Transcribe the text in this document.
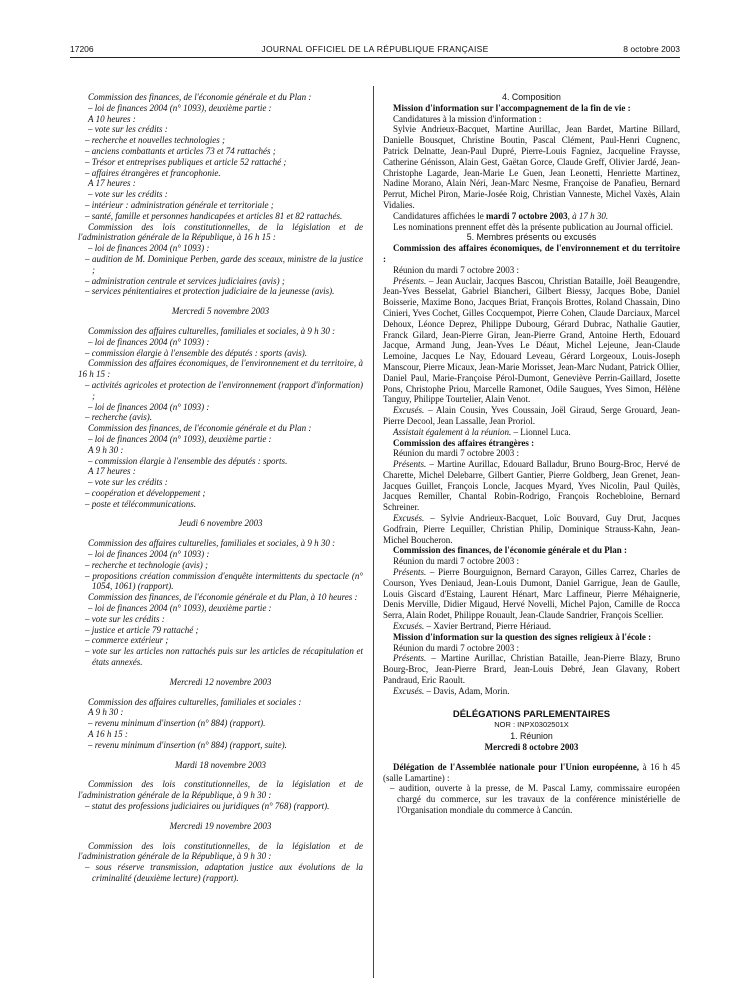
17206	JOURNAL OFFICIEL DE LA RÉPUBLIQUE FRANÇAISE	8 octobre 2003

Commission des finances, de l'économie générale et du Plan :

– loi de finances 2004 (n° 1093), deuxième partie :

A 10 heures :

– vote sur les crédits :

– recherche et nouvelles technologies ;

– anciens combattants et articles 73 et 74 rattachés ;

– Trésor et entreprises publiques et article 52 rattaché ;

– affaires étrangères et francophonie.

A 17 heures :

– vote sur les crédits :

– intérieur : administration générale et territoriale ;

– santé, famille et personnes handicapées et articles 81 et 82 rattachés.

Commission des lois constitutionnelles, de la législation et de l'administration générale de la République, à 16 h 15 :

– loi de finances 2004 (n° 1093) :

– audition de M. Dominique Perben, garde des sceaux, ministre de la justice ;

– administration centrale et services judiciaires (avis) ;

– services pénitentiaires et protection judiciaire de la jeunesse (avis).

Mercredi 5 novembre 2003

Commission des affaires culturelles, familiales et sociales, à 9 h 30 :

– loi de finances 2004 (n° 1093) :

– commission élargie à l'ensemble des députés : sports (avis).

Commission des affaires économiques, de l'environnement et du territoire, à 16 h 15 :

– activités agricoles et protection de l'environnement (rapport d'information) ;

– loi de finances 2004 (n° 1093) :

– recherche (avis).

Commission des finances, de l'économie générale et du Plan :

– loi de finances 2004 (n° 1093), deuxième partie :

A 9 h 30 :

– commission élargie à l'ensemble des députés : sports.

A 17 heures :

– vote sur les crédits :

– coopération et développement ;

– poste et télécommunications.

Jeudi 6 novembre 2003

Commission des affaires culturelles, familiales et sociales, à 9 h 30 :

– loi de finances 2004 (n° 1093) :

– recherche et technologie (avis) ;

– propositions création commission d'enquête intermittents du spectacle (n° 1054, 1061) (rapport).

Commission des finances, de l'économie générale et du Plan, à 10 heures :

– loi de finances 2004 (n° 1093), deuxième partie :

– vote sur les crédits :

– justice et article 79 rattaché ;

– commerce extérieur ;

– vote sur les articles non rattachés puis sur les articles de récapitulation et états annexés.

Mercredi 12 novembre 2003

Commission des affaires culturelles, familiales et sociales :

A 9 h 30 :

– revenu minimum d'insertion (n° 884) (rapport).

A 16 h 15 :

– revenu minimum d'insertion (n° 884) (rapport, suite).

Mardi 18 novembre 2003

Commission des lois constitutionnelles, de la législation et de l'administration générale de la République, à 9 h 30 :

– statut des professions judiciaires ou juridiques (n° 768) (rapport).

Mercredi 19 novembre 2003

Commission des lois constitutionnelles, de la législation et de l'administration générale de la République, à 9 h 30 :

– sous réserve transmission, adaptation justice aux évolutions de la criminalité (deuxième lecture) (rapport).

4. Composition

Mission d'information sur l'accompagnement de la fin de vie :

Candidatures à la mission d'information :

Sylvie Andrieux-Bacquet, Martine Aurillac, Jean Bardet, Martine Billard, Danielle Bousquet, Christine Boutin, Pascal Clément, Paul-Henri Cugnenc, Patrick Delnatte, Jean-Paul Dupré, Pierre-Louis Fagniez, Jacqueline Fraysse, Catherine Génisson, Alain Gest, Gaëtan Gorce, Claude Greff, Olivier Jardé, Jean-Christophe Lagarde, Jean-Marie Le Guen, Jean Leonetti, Henriette Martinez, Nadine Morano, Alain Néri, Jean-Marc Nesme, Françoise de Panafieu, Bernard Perrut, Michel Piron, Marie-Josée Roig, Christian Vanneste, Michel Vaxès, Alain Vidalies.

Candidatures affichées le mardi 7 octobre 2003, à 17 h 30.

Les nominations prennent effet dès la présente publication au Journal officiel.

5. Membres présents ou excusés

Commission des affaires économiques, de l'environnement et du territoire :

Réunion du mardi 7 octobre 2003 :

Présents. – Jean Auclair, Jacques Bascou, Christian Bataille, Joël Beaugendre, Jean-Yves Besselat, Gabriel Biancheri, Gilbert Biessy, Jacques Bobe, Daniel Boisserie, Maxime Bono, Jacques Briat, François Brottes, Roland Chassain, Dino Cinieri, Yves Cochet, Gilles Cocquempot, Pierre Cohen, Claude Darciaux, Marcel Dehoux, Léonce Deprez, Philippe Dubourg, Gérard Dubrac, Nathalie Gautier, Franck Gilard, Jean-Pierre Giran, Jean-Pierre Grand, Antoine Herth, Edouard Jacque, Armand Jung, Jean-Yves Le Déaut, Michel Lejeune, Jean-Claude Lemoine, Jacques Le Nay, Edouard Leveau, Gérard Lorgeoux, Louis-Joseph Manscour, Pierre Micaux, Jean-Marie Morisset, Jean-Marc Nudant, Patrick Ollier, Daniel Paul, Marie-Françoise Pérol-Dumont, Geneviève Perrin-Gaillard, Josette Pons, Christophe Priou, Marcelle Ramonet, Odile Saugues, Yves Simon, Hélène Tanguy, Philippe Tourtelier, Alain Venot.

Excusés. – Alain Cousin, Yves Coussain, Joël Giraud, Serge Grouard, Jean-Pierre Decool, Jean Lassalle, Jean Proriol.

Assistait également à la réunion. – Lionnel Luca.

Commission des affaires étrangères :

Réunion du mardi 7 octobre 2003 :

Présents. – Martine Aurillac, Edouard Balladur, Bruno Bourg-Broc, Hervé de Charette, Michel Delebarre, Gilbert Gantier, Pierre Goldberg, Jean Grenet, Jean-Jacques Guillet, François Loncle, Jacques Myard, Yves Nicolin, Paul Quilès, Jacques Remiller, Chantal Robin-Rodrigo, François Rochebloine, Bernard Schreiner.

Excusés. – Sylvie Andrieux-Bacquet, Loïc Bouvard, Guy Drut, Jacques Godfrain, Pierre Lequiller, Christian Philip, Dominique Strauss-Kahn, Jean-Michel Boucheron.

Commission des finances, de l'économie générale et du Plan :

Réunion du mardi 7 octobre 2003 :

Présents. – Pierre Bourguignon, Bernard Carayon, Gilles Carrez, Charles de Courson, Yves Deniaud, Jean-Louis Dumont, Daniel Garrigue, Jean de Gaulle, Louis Giscard d'Estaing, Laurent Hénart, Marc Laffineur, Pierre Méhaignerie, Denis Merville, Didier Migaud, Hervé Novelli, Michel Pajon, Camille de Rocca Serra, Alain Rodet, Philippe Rouault, Jean-Claude Sandrier, François Scellier.

Excusés. – Xavier Bertrand, Pierre Hériaud.

Mission d'information sur la question des signes religieux à l'école :

Réunion du mardi 7 octobre 2003 :

Présents. – Martine Aurillac, Christian Bataille, Jean-Pierre Blazy, Bruno Bourg-Broc, Jean-Pierre Brard, Jean-Louis Debré, Jean Glavany, Robert Pandraud, Eric Raoult.

Excusés. – Davis, Adam, Morin.

DÉLÉGATIONS PARLEMENTAIRES

NOR : INPX0302501X

1. Réunion

Mercredi 8 octobre 2003

Délégation de l'Assemblée nationale pour l'Union européenne, à 16 h 45 (salle Lamartine) :

– audition, ouverte à la presse, de M. Pascal Lamy, commissaire européen chargé du commerce, sur les travaux de la conférence ministérielle de l'Organisation mondiale du commerce à Cancún.
